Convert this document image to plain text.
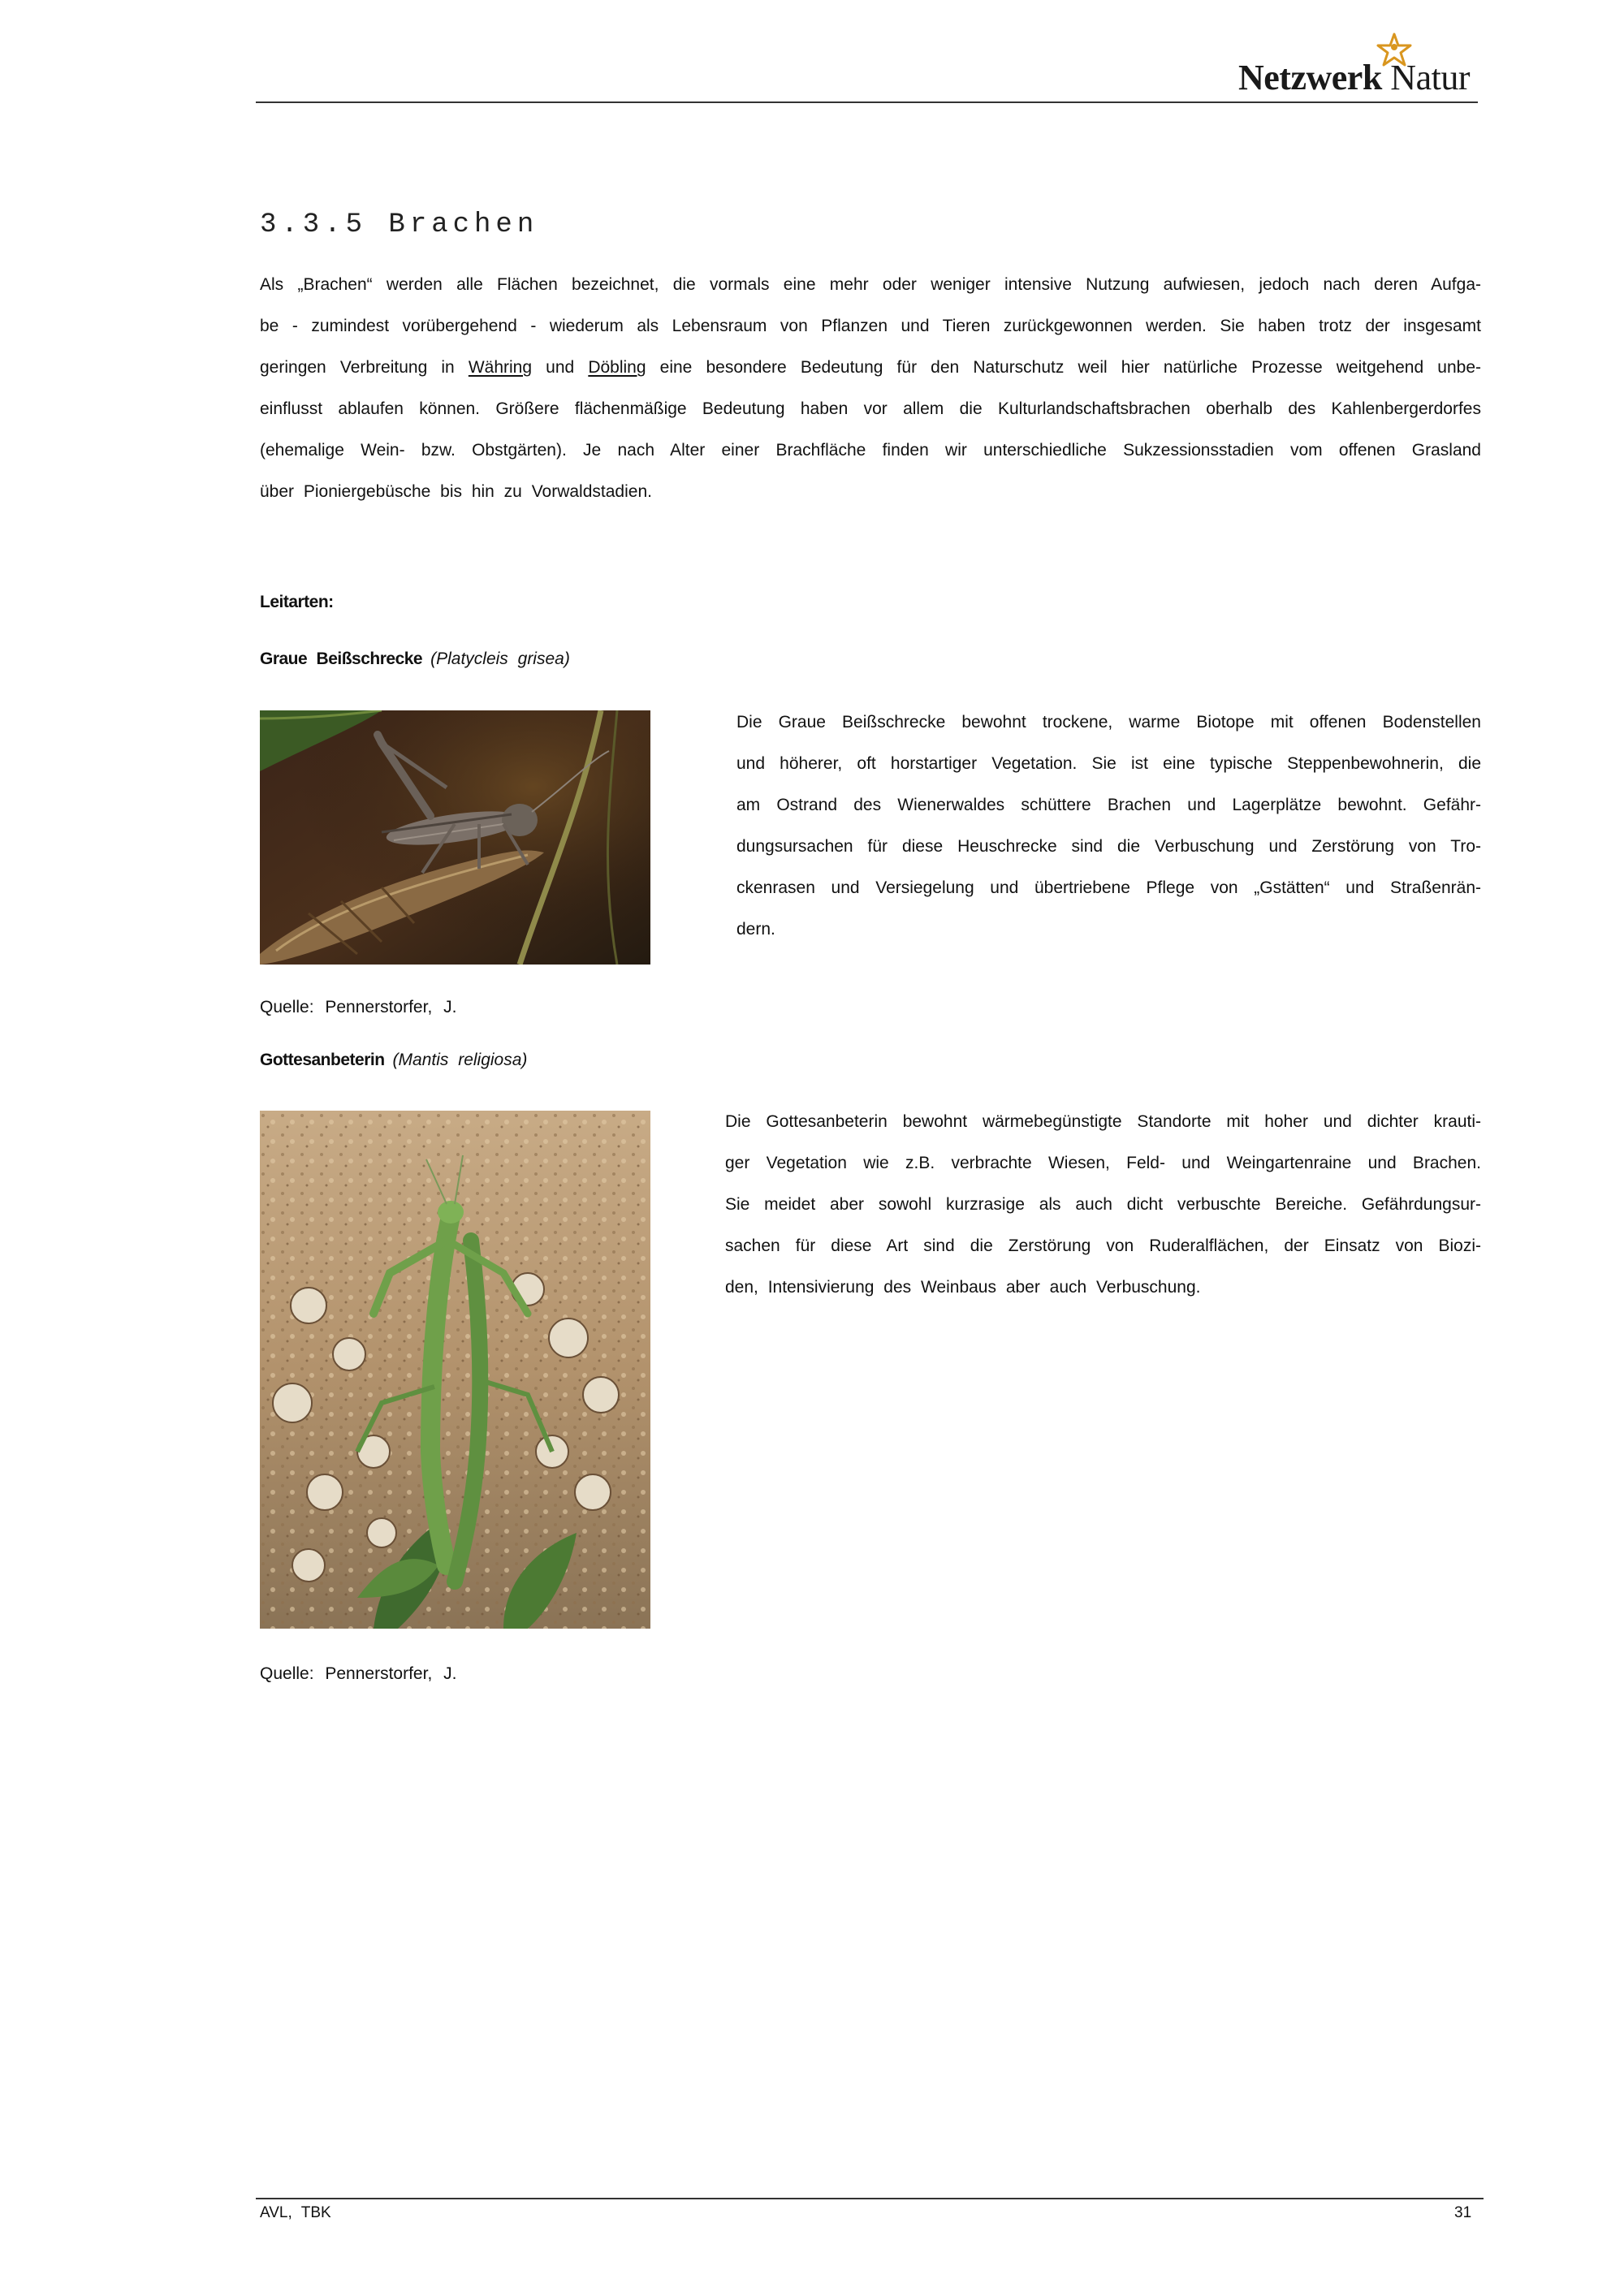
Netzwerk Natur
3.3.5 Brachen
Als „Brachen“ werden alle Flächen bezeichnet, die vormals eine mehr oder weniger intensive Nutzung aufwiesen, jedoch nach deren Aufga-
be - zumindest vorübergehend - wiederum als Lebensraum von Pflanzen und Tieren zurückgewonnen werden. Sie haben trotz der insgesamt
geringen Verbreitung in Währing und Döbling eine besondere Bedeutung für den Naturschutz weil hier natürliche Prozesse weitgehend unbe-
einflusst ablaufen können. Größere flächenmäßige Bedeutung haben vor allem die Kulturlandschaftsbrachen oberhalb des Kahlenbergerdorfes
(ehemalige Wein- bzw. Obstgärten). Je nach Alter einer Brachfläche finden wir unterschiedliche Sukzessionsstadien vom offenen Grasland
über Pioniergebüsche bis hin zu Vorwaldstadien.
Leitarten:
Graue Beißschrecke (Platycleis grisea)
Die Graue Beißschrecke bewohnt trockene, warme Biotope mit offenen Bodenstellen
und höherer, oft horstartiger Vegetation. Sie ist eine typische Steppenbewohnerin, die
am Ostrand des Wienerwaldes schüttere Brachen und Lagerplätze bewohnt. Gefähr-
dungsursachen für diese Heuschrecke sind die Verbuschung und Zerstörung von Tro-
ckenrasen und Versiegelung und übertriebene Pflege von „Gstätten“ und Straßenrän-
dern.
Quelle: Pennerstorfer, J.
Gottesanbeterin (Mantis religiosa)
Die Gottesanbeterin bewohnt wärmebegünstigte Standorte mit hoher und dichter krauti-
ger Vegetation wie z.B. verbrachte Wiesen, Feld- und Weingartenraine und Brachen.
Sie meidet aber sowohl kurzrasige als auch dicht verbuschte Bereiche. Gefährdungsur-
sachen für diese Art sind die Zerstörung von Ruderalflächen, der Einsatz von Biozi-
den, Intensivierung des Weinbaus aber auch Verbuschung.
Quelle: Pennerstorfer, J.
AVL, TBK	31
